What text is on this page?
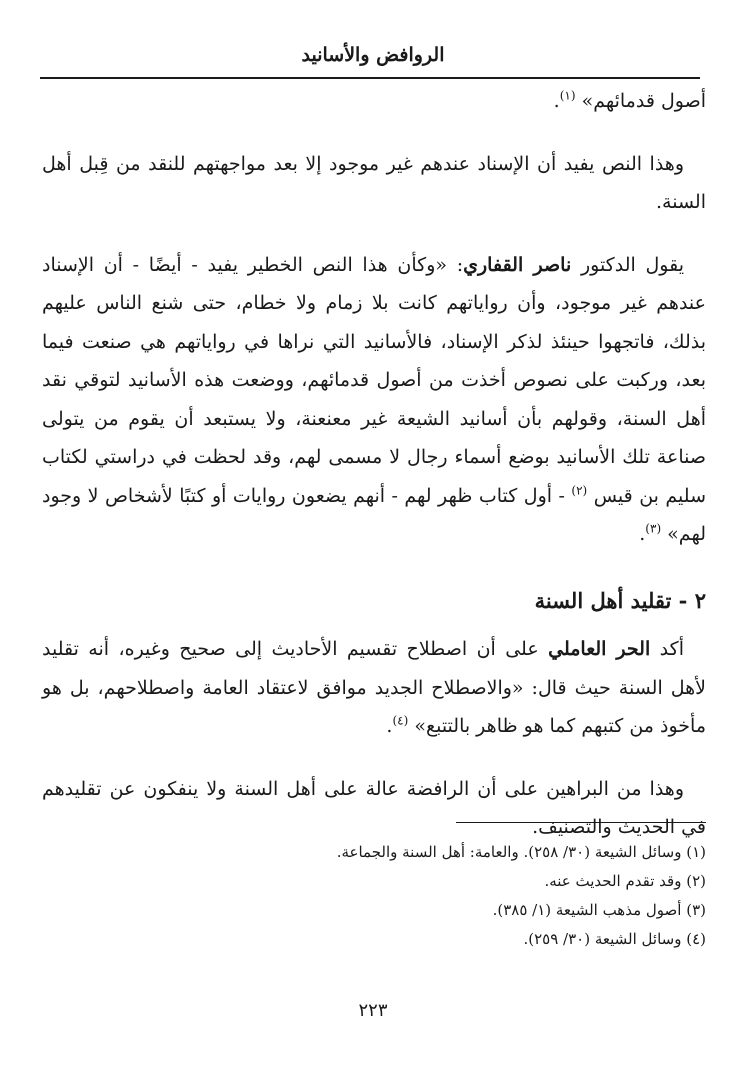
الروافض والأسانيد

أصول قدمائهم» $^{(١)}$.

وهذا النص يفيد أن الإسناد عندهم غير موجود إلا بعد مواجهتهم للنقد من قِبل أهل السنة.

يقول الدكتور ناصر القفاري: «وكأن هذا النص الخطير يفيد - أيضًا - أن الإسناد عندهم غير موجود، وأن رواياتهم كانت بلا زمام ولا خطام، حتى شنع الناس عليهم بذلك، فاتجهوا حينئذ لذكر الإسناد، فالأسانيد التي نراها في رواياتهم هي صنعت فيما بعد، وركبت على نصوص أخذت من أصول قدمائهم، ووضعت هذه الأسانيد لتوقي نقد أهل السنة، وقولهم بأن أسانيد الشيعة غير معنعنة، ولا يستبعد أن يقوم من يتولى صناعة تلك الأسانيد بوضع أسماء رجال لا مسمى لهم، وقد لحظت في دراستي لكتاب سليم بن قيس $^{(٢)}$ - أول كتاب ظهر لهم - أنهم يضعون روايات أو كتبًا لأشخاص لا وجود لهم» $^{(٣)}$.

٢ - تقليد أهل السنة

أكد الحر العاملي على أن اصطلاح تقسيم الأحاديث إلى صحيح وغيره، أنه تقليد لأهل السنة حيث قال: «والاصطلاح الجديد موافق لاعتقاد العامة واصطلاحهم، بل هو مأخوذ من كتبهم كما هو ظاهر بالتتبع» $^{(٤)}$.

وهذا من البراهين على أن الرافضة عالة على أهل السنة ولا ينفكون عن تقليدهم في الحديث والتصنيف.

(١) وسائل الشيعة (٣٠/ ٢٥٨). والعامة: أهل السنة والجماعة.

(٢) وقد تقدم الحديث عنه.

(٣) أصول مذهب الشيعة (١/ ٣٨٥).

(٤) وسائل الشيعة (٣٠/ ٢٥٩).

٢٢٣
